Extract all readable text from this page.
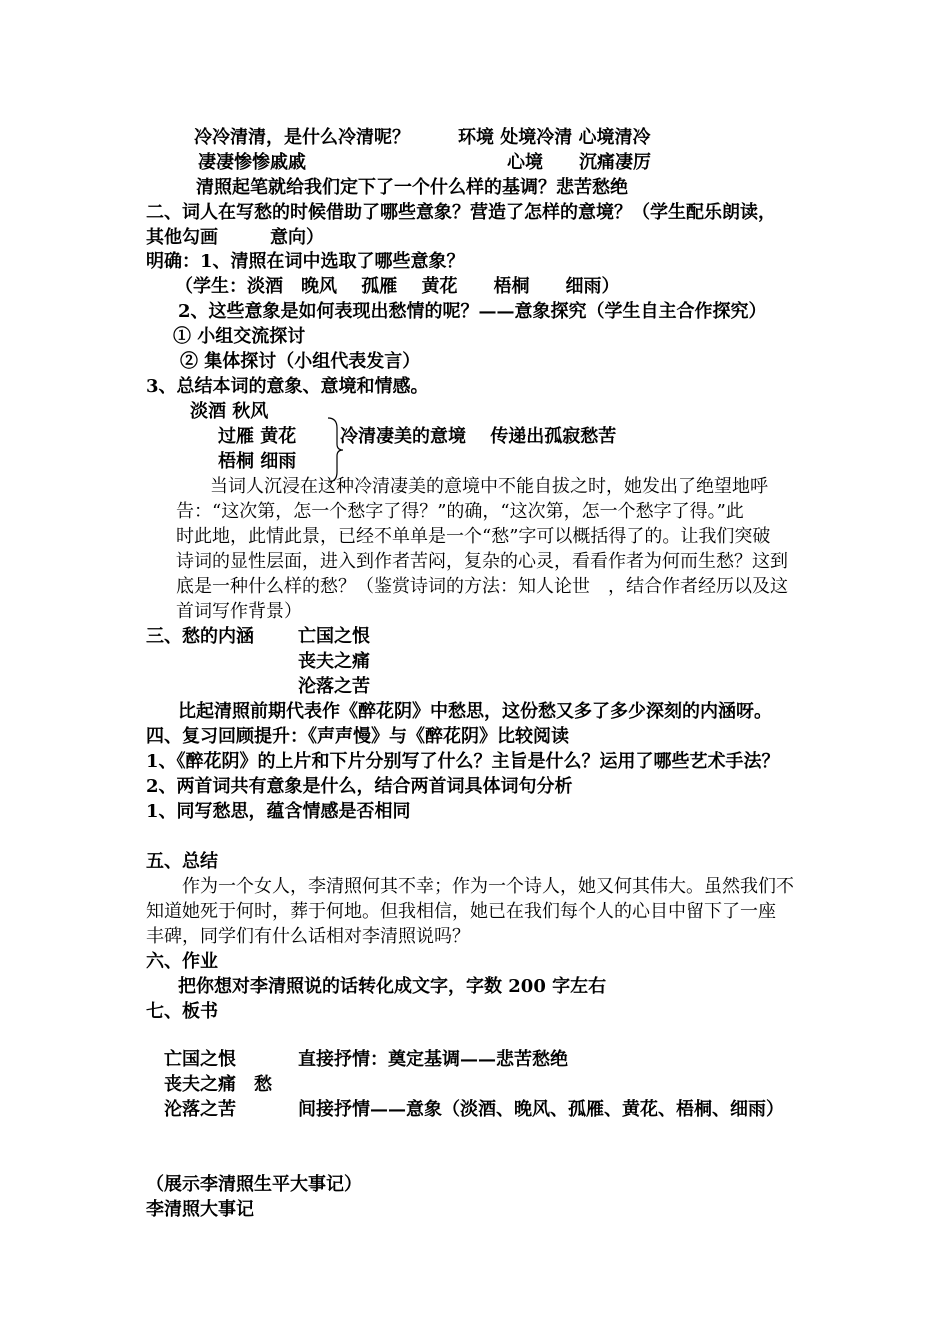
冷冷清清，是什么冷清呢？	环境 处境冷清 心境清冷
凄凄惨惨戚戚	心境　　沉痛凄厉
清照起笔就给我们定下了一个什么样的基调？悲苦愁绝
二、词人在写愁的时候借助了哪些意象？营造了怎样的意境？（学生配乐朗读，
其他勾画	意向）
明确：1、清照在词中选取了哪些意象？
（学生：淡酒　晚风　 孤雁　 黄花　　梧桐　　细雨）
2、这些意象是如何表现出愁情的呢？——意象探究（学生自主合作探究）
① 小组交流探讨
② 集体探讨（小组代表发言）
3、总结本词的意象、意境和情感。
淡酒 秋风
过雁 黄花 冷清凄美的意境　 传递出孤寂愁苦
梧桐 细雨
当词人沉浸在这种冷清凄美的意境中不能自拔之时，她发出了绝望地呼
告：“这次第，怎一个愁字了得？”的确，“这次第，怎一个愁字了得。”此
时此地，此情此景，已经不单单是一个“愁”字可以概括得了的。让我们突破
诗词的显性层面，进入到作者苦闷，复杂的心灵，看看作者为何而生愁？这到
底是一种什么样的愁？（鉴赏诗词的方法：知人论世　，结合作者经历以及这
首词写作背景）
三、愁的内涵 亡国之恨
丧夫之痛
沦落之苦
比起清照前期代表作《醉花阴》中愁思，这份愁又多了多少深刻的内涵呀。
四、复习回顾提升：《声声慢》与《醉花阴》比较阅读
1、《醉花阴》的上片和下片分别写了什么？主旨是什么？运用了哪些艺术手法？
2、两首词共有意象是什么，结合两首词具体词句分析
1、同写愁思，蕴含情感是否相同
五、总结
作为一个女人，李清照何其不幸；作为一个诗人，她又何其伟大。虽然我们不
知道她死于何时，葬于何地。但我相信，她已在我们每个人的心目中留下了一座
丰碑，同学们有什么话相对李清照说吗？
六、作业
把你想对李清照说的话转化成文字，字数 200 字左右
七、板书
亡国之恨	直接抒情：奠定基调——悲苦愁绝
丧夫之痛　愁
沦落之苦	间接抒情——意象（淡酒、晚风、孤雁、黄花、梧桐、细雨）
（展示李清照生平大事记）
李清照大事记
